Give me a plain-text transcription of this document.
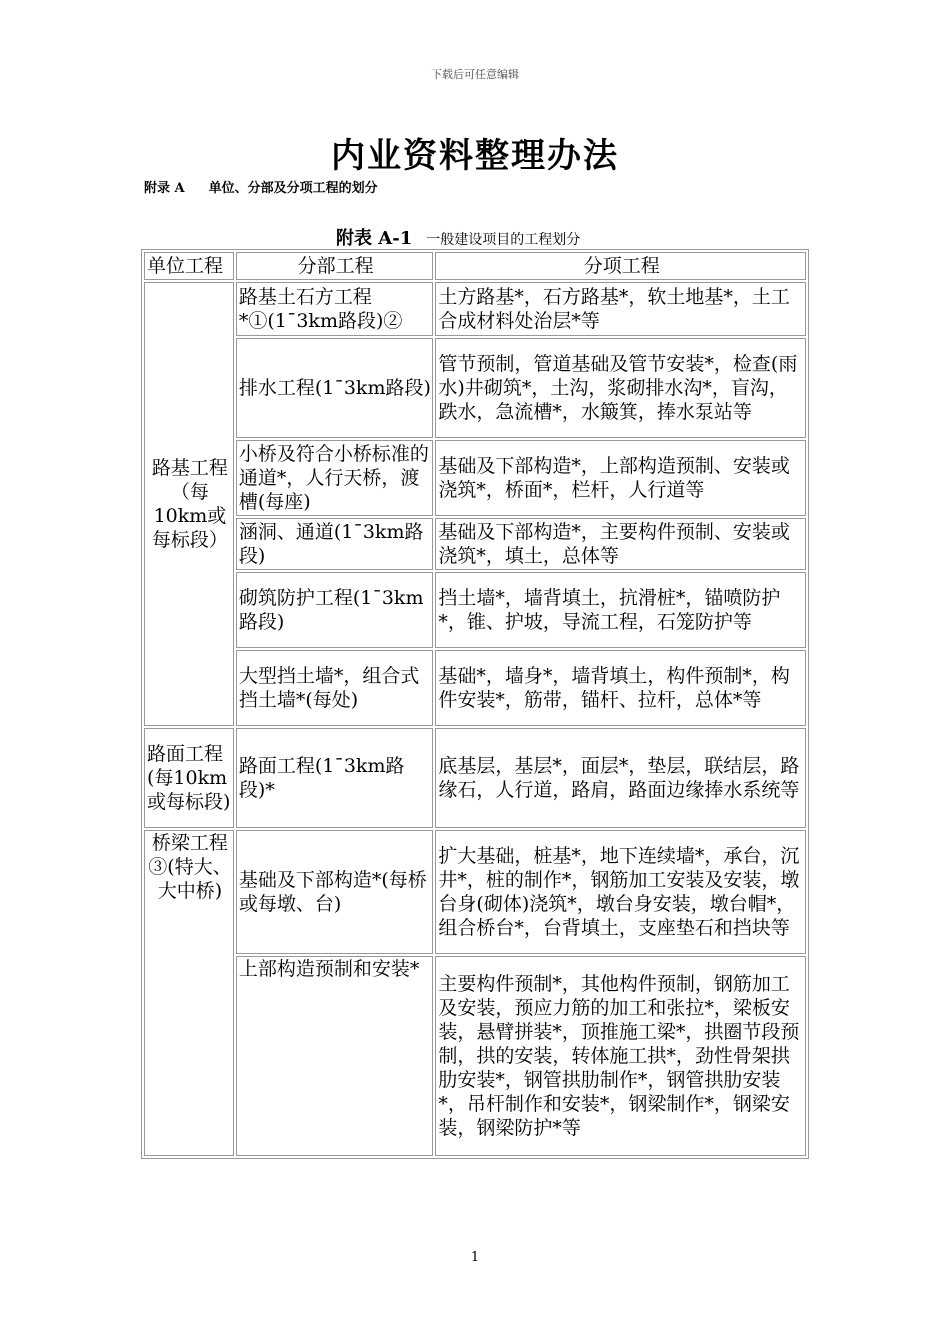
下载后可任意编辑
内业资料整理办法
附录 A 单位、分部及分项工程的划分
附表 A-1 一般建设项目的工程划分
单位工程	分部工程	分项工程
路基工程（每10km或每标段）	路基土石方工程*①(1¯3km路段)②	土方路基*，石方路基*，软土地基*，土工合成材料处治层*等
	排水工程(1¯3km路段)	管节预制，管道基础及管节安装*，检查(雨水)井砌筑*，土沟，浆砌排水沟*，盲沟，跌水，急流槽*，水簸箕，捧水泵站等
	小桥及符合小桥标准的通道*，人行天桥，渡槽(每座)	基础及下部构造*，上部构造预制、安装或浇筑*，桥面*，栏杆，人行道等
	涵洞、通道(1¯3km路段)	基础及下部构造*，主要构件预制、安装或浇筑*，填土，总体等
	砌筑防护工程(1¯3km路段)	挡土墙*，墙背填土，抗滑桩*，锚喷防护*，锥、护坡，导流工程，石笼防护等
	大型挡土墙*，组合式挡土墙*(每处)	基础*，墙身*，墙背填土，构件预制*，构件安装*，筋带，锚杆、拉杆，总体*等
路面工程(每10km或每标段)	路面工程(1¯3km路段)*	底基层，基层*，面层*，垫层，联结层，路缘石，人行道，路肩，路面边缘捧水系统等
桥梁工程③(特大、大中桥)	基础及下部构造*(每桥或每墩、台)	扩大基础，桩基*，地下连续墙*，承台，沉井*，桩的制作*，钢筋加工安装及安装，墩台身(砌体)浇筑*，墩台身安装，墩台帽*，组合桥台*，台背填土，支座垫石和挡块等
	上部构造预制和安装*	主要构件预制*，其他构件预制，钢筋加工及安装，预应力筋的加工和张拉*，梁板安装，悬臂拼装*，顶推施工梁*，拱圈节段预制，拱的安装，转体施工拱*，劲性骨架拱肋安装*，钢管拱肋制作*，钢管拱肋安装*，吊杆制作和安装*，钢梁制作*，钢梁安装，钢梁防护*等
1
